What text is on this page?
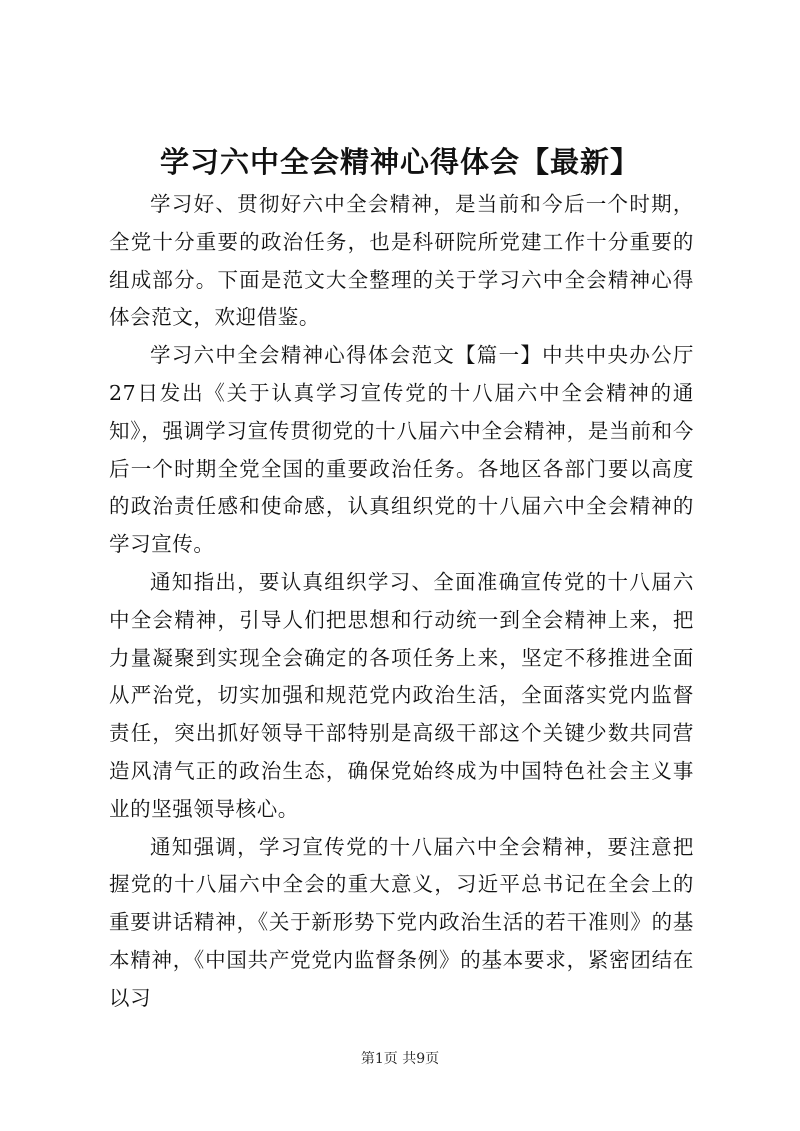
学习六中全会精神心得体会【最新】

学习好、贯彻好六中全会精神，是当前和今后一个时期，全党十分重要的政治任务，也是科研院所党建工作十分重要的组成部分。下面是范文大全整理的关于学习六中全会精神心得体会范文，欢迎借鉴。

学习六中全会精神心得体会范文【篇一】中共中央办公厅27日发出《关于认真学习宣传党的十八届六中全会精神的通知》，强调学习宣传贯彻党的十八届六中全会精神，是当前和今后一个时期全党全国的重要政治任务。各地区各部门要以高度的政治责任感和使命感，认真组织党的十八届六中全会精神的学习宣传。

通知指出，要认真组织学习、全面准确宣传党的十八届六中全会精神，引导人们把思想和行动统一到全会精神上来，把力量凝聚到实现全会确定的各项任务上来，坚定不移推进全面从严治党，切实加强和规范党内政治生活，全面落实党内监督责任，突出抓好领导干部特别是高级干部这个关键少数共同营造风清气正的政治生态，确保党始终成为中国特色社会主义事业的坚强领导核心。

通知强调，学习宣传党的十八届六中全会精神，要注意把握党的十八届六中全会的重大意义，习近平总书记在全会上的重要讲话精神，《关于新形势下党内政治生活的若干准则》的基本精神，《中国共产党党内监督条例》的基本要求，紧密团结在以习

第1页 共9页
